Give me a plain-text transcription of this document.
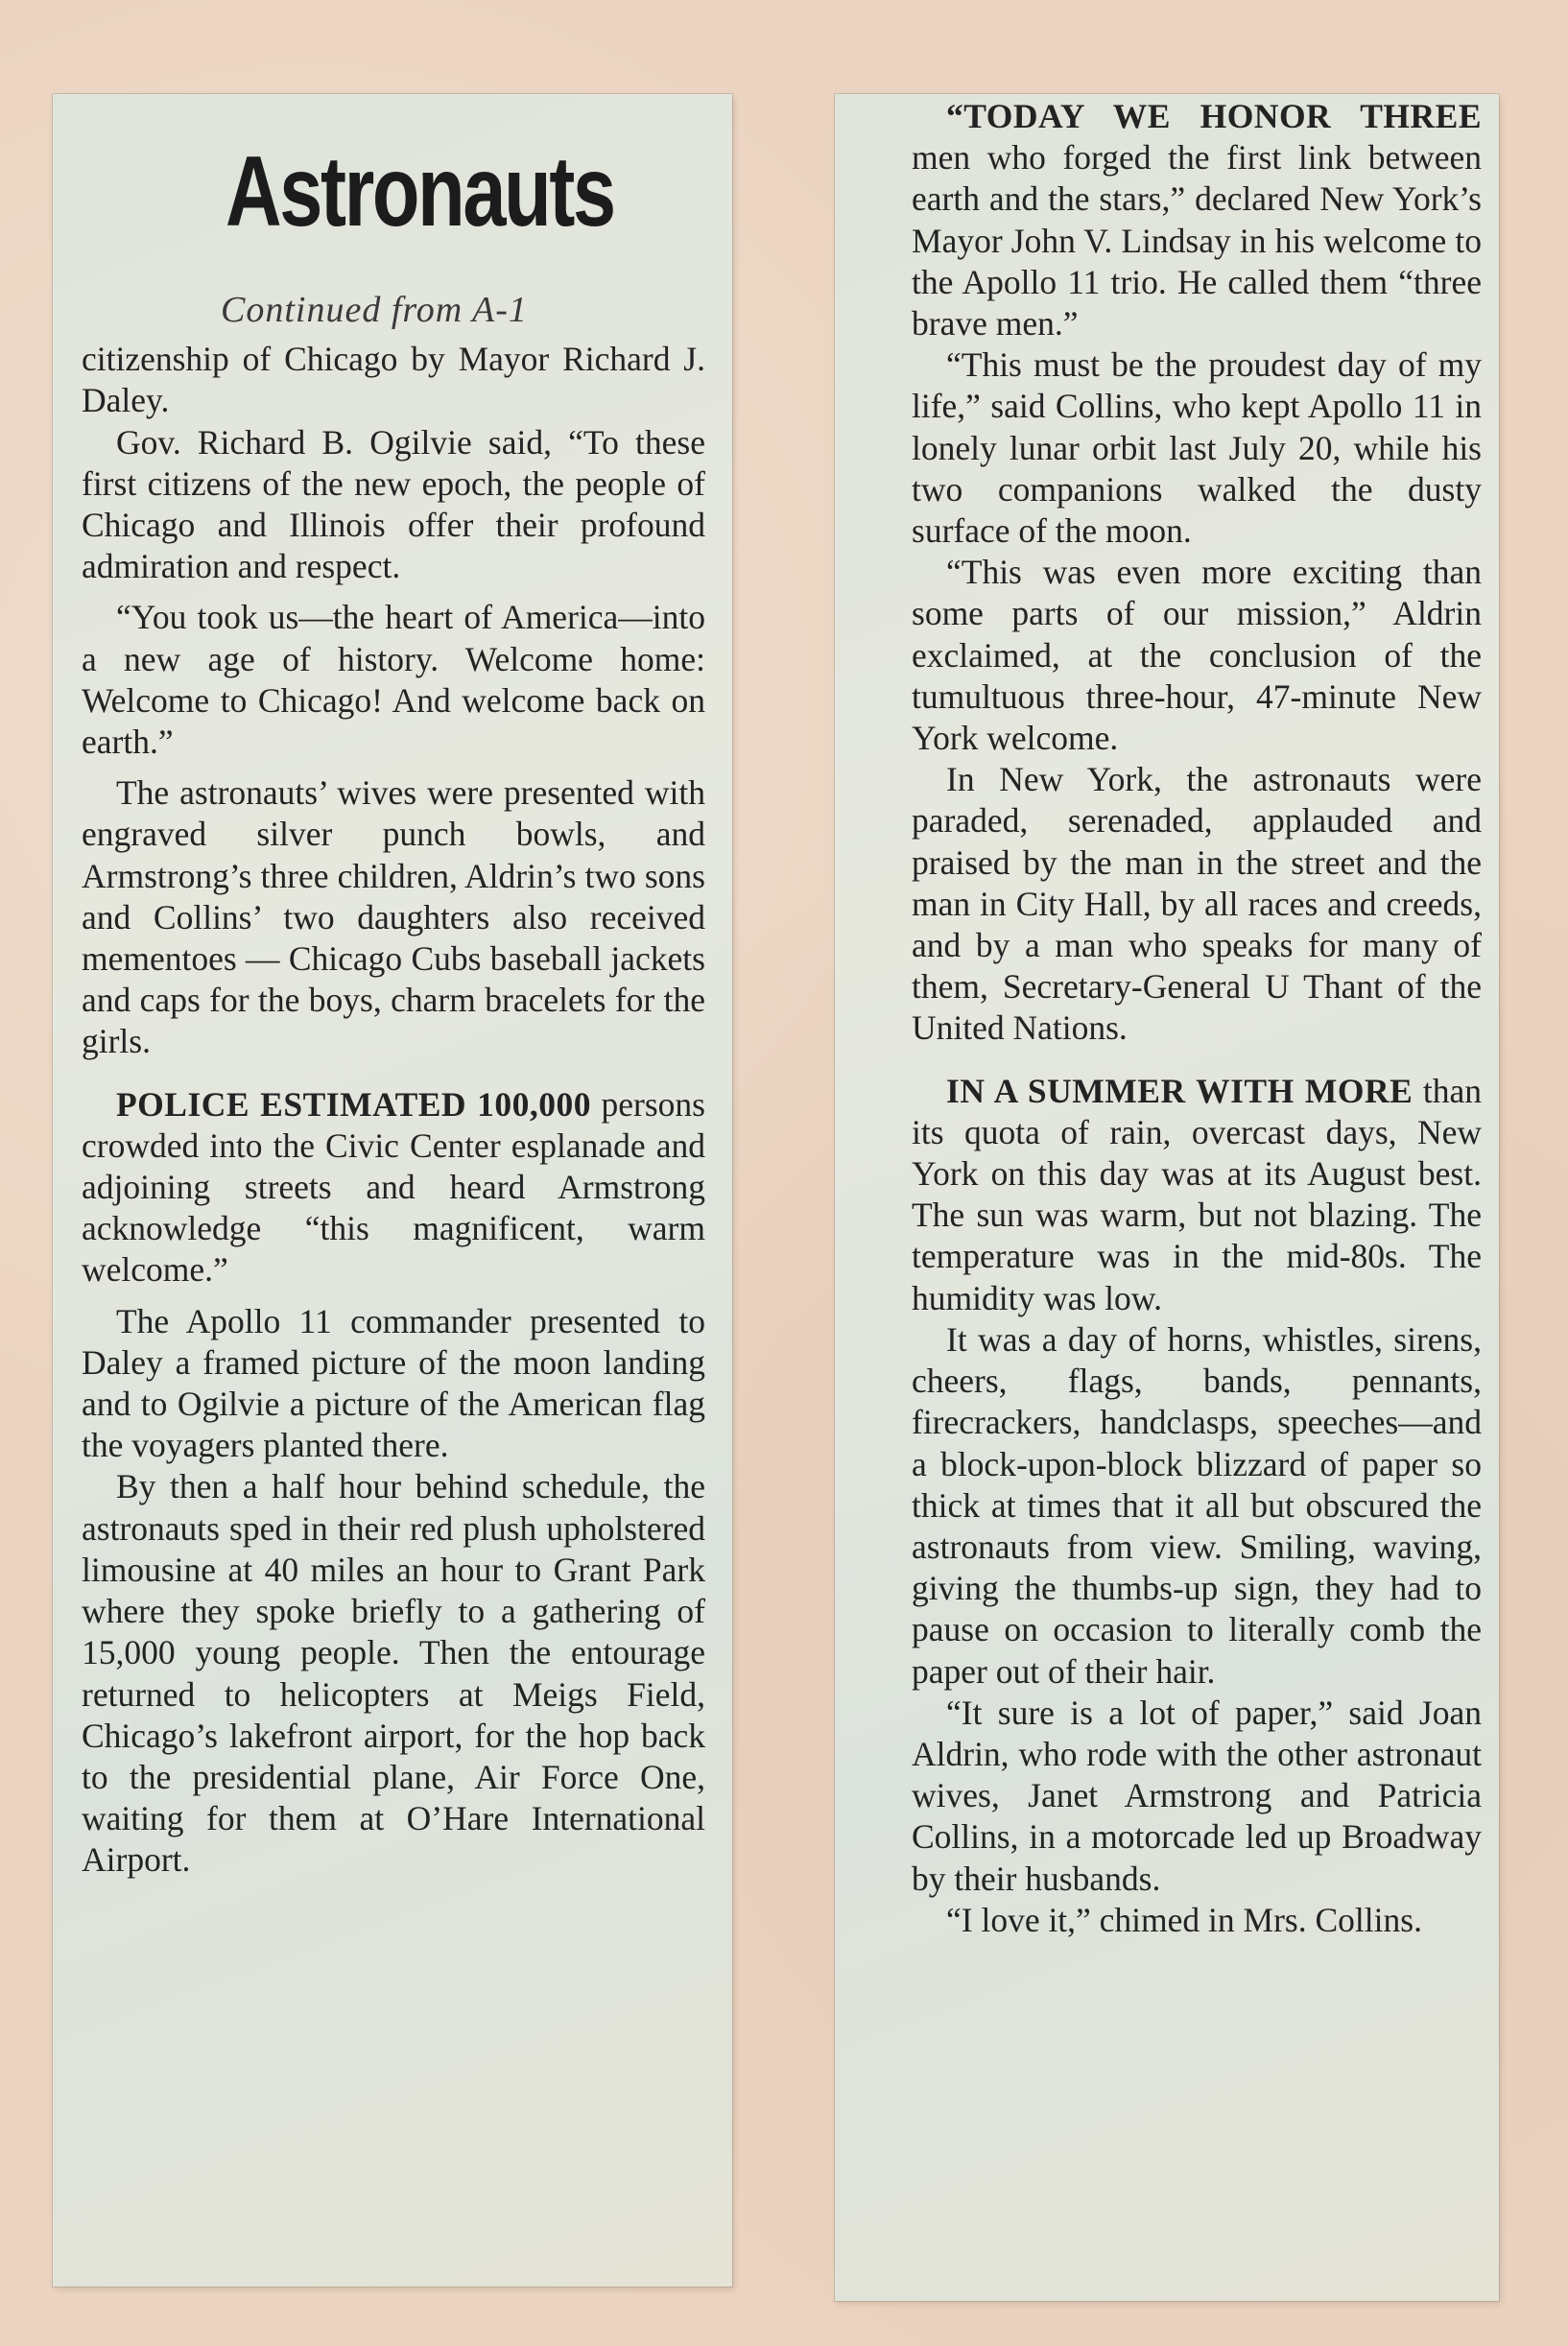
Astronauts
Continued from A-1

citizenship of Chicago by Mayor Richard J. Daley.

Gov. Richard B. Ogilvie said, “To these first citizens of the new epoch, the people of Chicago and Illinois offer their profound admiration and respect.

“You took us—the heart of America—into a new age of history. Welcome home: Welcome to Chicago! And welcome back on earth.”

The astronauts’ wives were presented with engraved silver punch bowls, and Armstrong’s three children, Aldrin’s two sons and Collins’ two daughters also received mementoes — Chicago Cubs baseball jackets and caps for the boys, charm bracelets for the girls.

POLICE ESTIMATED 100,000 persons crowded into the Civic Center esplanade and adjoining streets and heard Armstrong acknowledge “this magnificent, warm welcome.”

The Apollo 11 commander presented to Daley a framed picture of the moon landing and to Ogilvie a picture of the American flag the voyagers planted there.

By then a half hour behind schedule, the astronauts sped in their red plush upholstered limousine at 40 miles an hour to Grant Park where they spoke briefly to a gathering of 15,000 young people. Then the entourage returned to helicopters at Meigs Field, Chicago’s lakefront airport, for the hop back to the presidential plane, Air Force One, waiting for them at O’Hare International Airport.

“TODAY WE HONOR THREE men who forged the first link between earth and the stars,” declared New York’s Mayor John V. Lindsay in his welcome to the Apollo 11 trio. He called them “three brave men.”

“This must be the proudest day of my life,” said Collins, who kept Apollo 11 in lonely lunar orbit last July 20, while his two companions walked the dusty surface of the moon.

“This was even more exciting than some parts of our mission,” Aldrin exclaimed, at the conclusion of the tumultuous three-hour, 47-minute New York welcome.

In New York, the astronauts were paraded, serenaded, applauded and praised by the man in the street and the man in City Hall, by all races and creeds, and by a man who speaks for many of them, Secretary-General U Thant of the United Nations.

IN A SUMMER WITH MORE than its quota of rain, overcast days, New York on this day was at its August best. The sun was warm, but not blazing. The temperature was in the mid-80s. The humidity was low.

It was a day of horns, whistles, sirens, cheers, flags, bands, pennants, firecrackers, handclasps, speeches—and a block-upon-block blizzard of paper so thick at times that it all but obscured the astronauts from view. Smiling, waving, giving the thumbs-up sign, they had to pause on occasion to literally comb the paper out of their hair.

“It sure is a lot of paper,” said Joan Aldrin, who rode with the other astronaut wives, Janet Armstrong and Patricia Collins, in a motorcade led up Broadway by their husbands.

“I love it,” chimed in Mrs. Collins.
